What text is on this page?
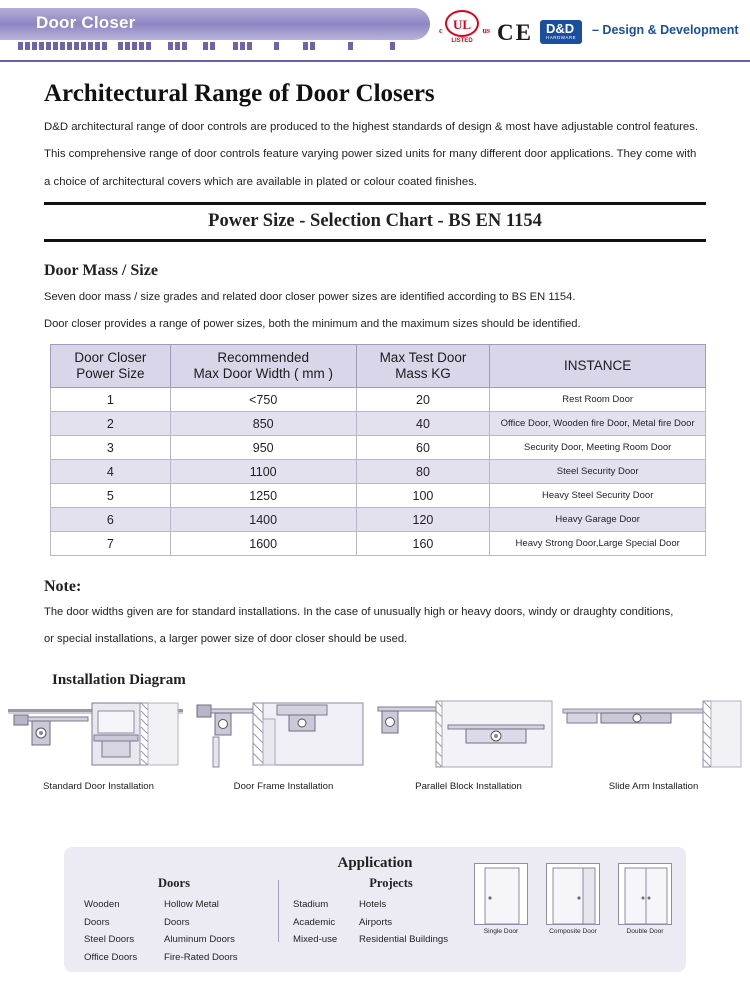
Door Closer	c UL us
LISTED	CE	D&D
HARDWARE
– Design & Development
Architectural Range of Door Closers

D&D architectural range of door controls are produced to the highest standards of design & most have adjustable control features.

This comprehensive range of door controls feature varying power sized units for many different door applications. They come with

a choice of architectural covers which are available in plated or colour coated finishes.

Power Size - Selection Chart - BS EN 1154
Door Mass / Size

Seven door mass / size grades and related door closer power sizes are identified according to BS EN 1154.

Door closer provides a range of power sizes, both the minimum and the maximum sizes should be identified.

Door Closer
Power Size

Recommended
Max Door Width ( mm )

Max Test Door
Mass KG

INSTANCE

1	<750	20	Rest Room Door
2	850	40	Office Door, Wooden fire Door, Metal fire Door
3	950	60	Security Door, Meeting Room Door
4	1100	80	Steel Security Door
5	1250	100	Heavy Steel Security Door
6	1400	120	Heavy Garage Door
7	1600	160	Heavy Strong Door,Large Special Door
Note:

The door widths given are for standard installations. In the case of unusually high or heavy doors, windy or draughty conditions,

or special installations, a larger power size of door closer should be used.

Installation Diagram
Standard Door Installation	Door Frame Installation	Parallel Block Installation	Slide Arm Installation
Application
Doors
Wooden Doors
Steel Doors
Office Doors
Hollow Metal Doors
Aluminum Doors
Fire-Rated Doors
Projects
Stadium
Academic
Mixed-use
Hotels
Airports
Residential Buildings
Single Door	Composite Door	Double Door
